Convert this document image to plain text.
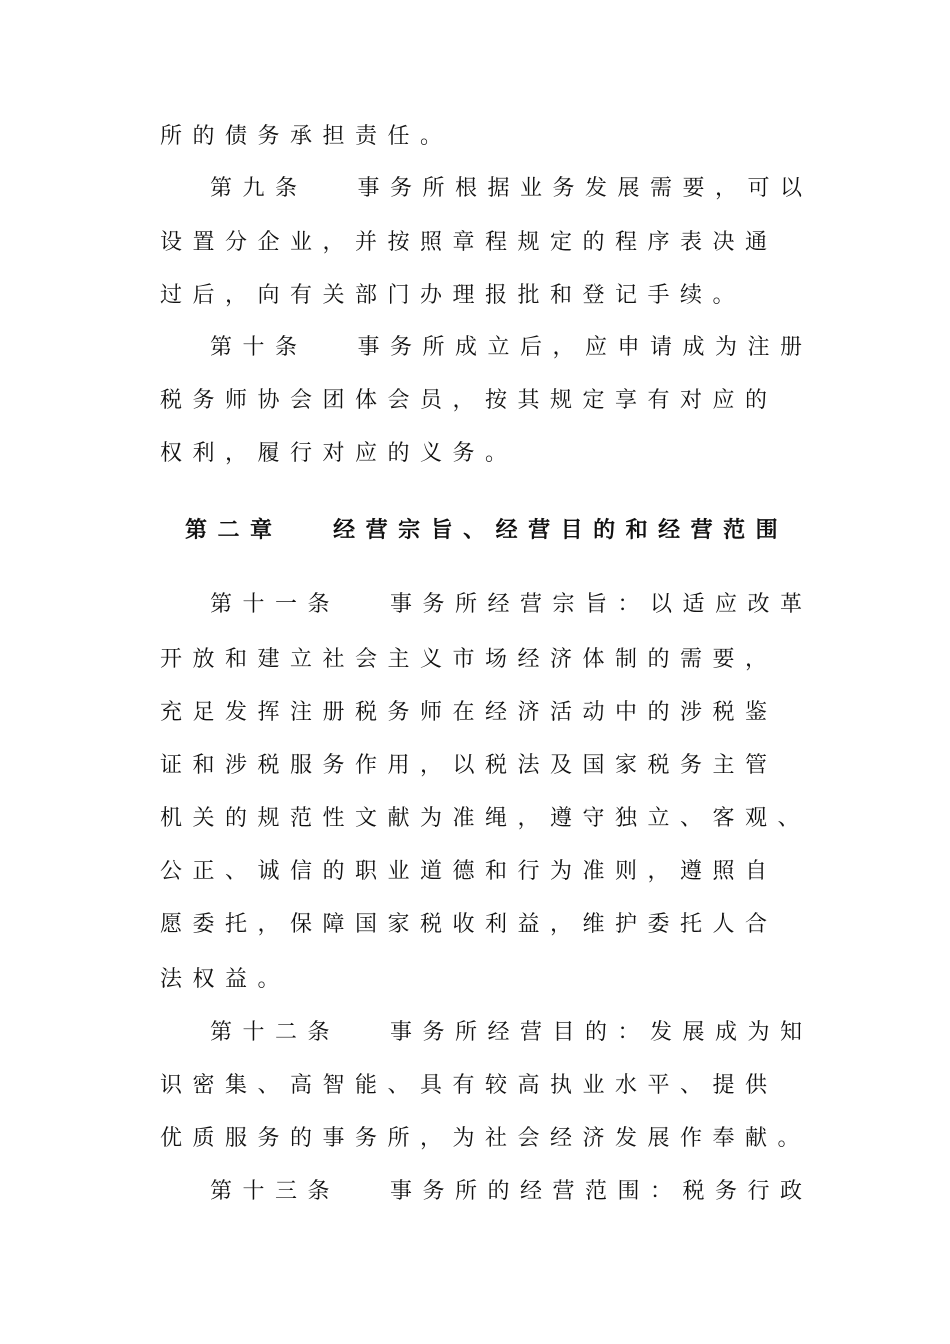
所的债务承担责任。
第九条　 事务所根据业务发展需要，可以
设置分企业，并按照章程规定的程序表决通
过后，向有关部门办理报批和登记手续。
第十条　 事务所成立后，应申请成为注册
税务师协会团体会员，按其规定享有对应的
权利，履行对应的义务。
第二章　 经营宗旨、经营目的和经营范围
第十一条　 事务所经营宗旨：以适应改革
开放和建立社会主义市场经济体制的需要，
充足发挥注册税务师在经济活动中的涉税鉴
证和涉税服务作用，以税法及国家税务主管
机关的规范性文献为准绳，遵守独立、客观、
公正、诚信的职业道德和行为准则，遵照自
愿委托，保障国家税收利益，维护委托人合
法权益。
第十二条　 事务所经营目的：发展成为知
识密集、高智能、具有较高执业水平、提供
优质服务的事务所，为社会经济发展作奉献。
第十三条　 事务所的经营范围：税务行政
